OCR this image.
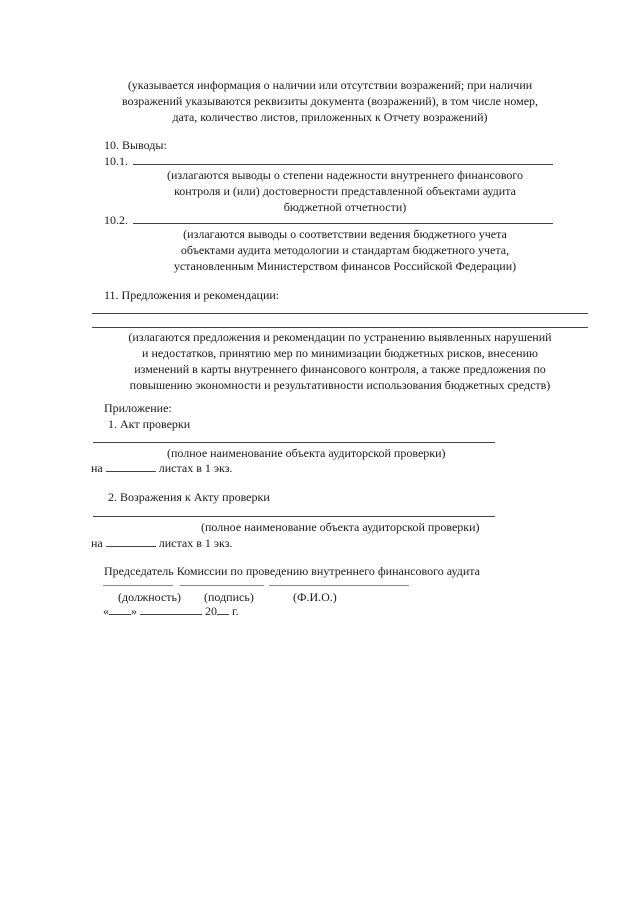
(указывается информация о наличии или отсутствии возражений; при наличии
возражений указываются реквизиты документа (возражений), в том числе номер,
дата, количество листов, приложенных к Отчету возражений)
10. Выводы:
10.1.
(излагаются выводы о степени надежности внутреннего финансового
контроля и (или) достоверности представленной объектами аудита
бюджетной отчетности)
10.2.
(излагаются выводы о соответствии ведения бюджетного учета
объектами аудита методологии и стандартам бюджетного учета,
установленным Министерством финансов Российской Федерации)
11. Предложения и рекомендации:
(излагаются предложения и рекомендации по устранению выявленных нарушений
и недостатков, принятию мер по минимизации бюджетных рисков, внесению
изменений в карты внутреннего финансового контроля, а также предложения по
повышению экономности и результативности использования бюджетных средств)
Приложение:
1. Акт проверки
(полное наименование объекта аудиторской проверки)
на	листах в 1 экз.
2. Возражения к Акту проверки
(полное наименование объекта аудиторской проверки)
на	листах в 1 экз.
Председатель Комиссии по проведению внутреннего финансового аудита
(должность) (подпись)	(Ф.И.О.)
« »	20 г.
